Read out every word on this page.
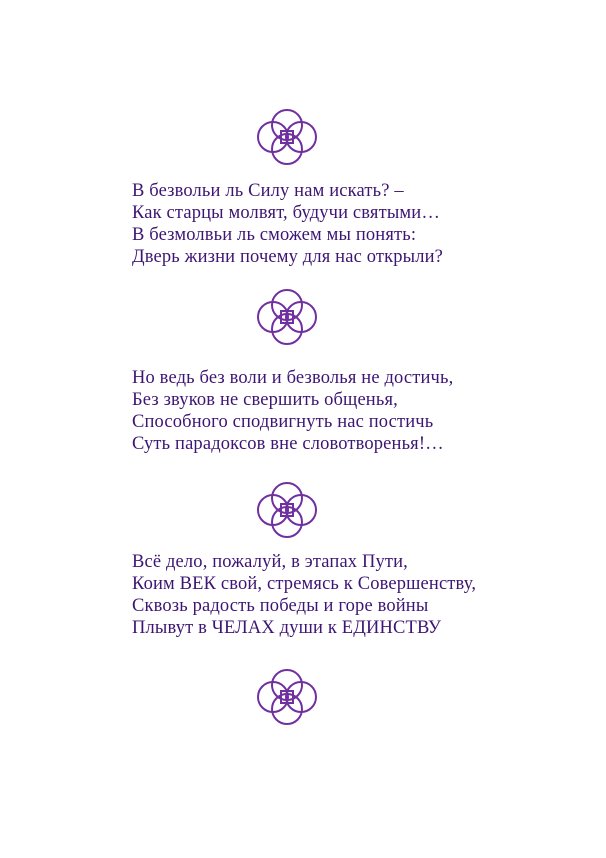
В безвольи ль Силу нам искать? –
Как старцы молвят, будучи святыми…
В безмолвьи ль сможем мы понять:
Дверь жизни почему для нас открыли?
Но ведь без воли и безволья не достичь,
Без звуков не свершить общенья,
Способного сподвигнуть нас постичь
Суть парадоксов вне словотворенья!…
Всё дело, пожалуй, в этапах Пути,
Коим ВЕК свой, стремясь к Совершенству,
Сквозь радость победы и горе войны
Плывут в ЧЕЛАХ души к ЕДИНСТВУ
